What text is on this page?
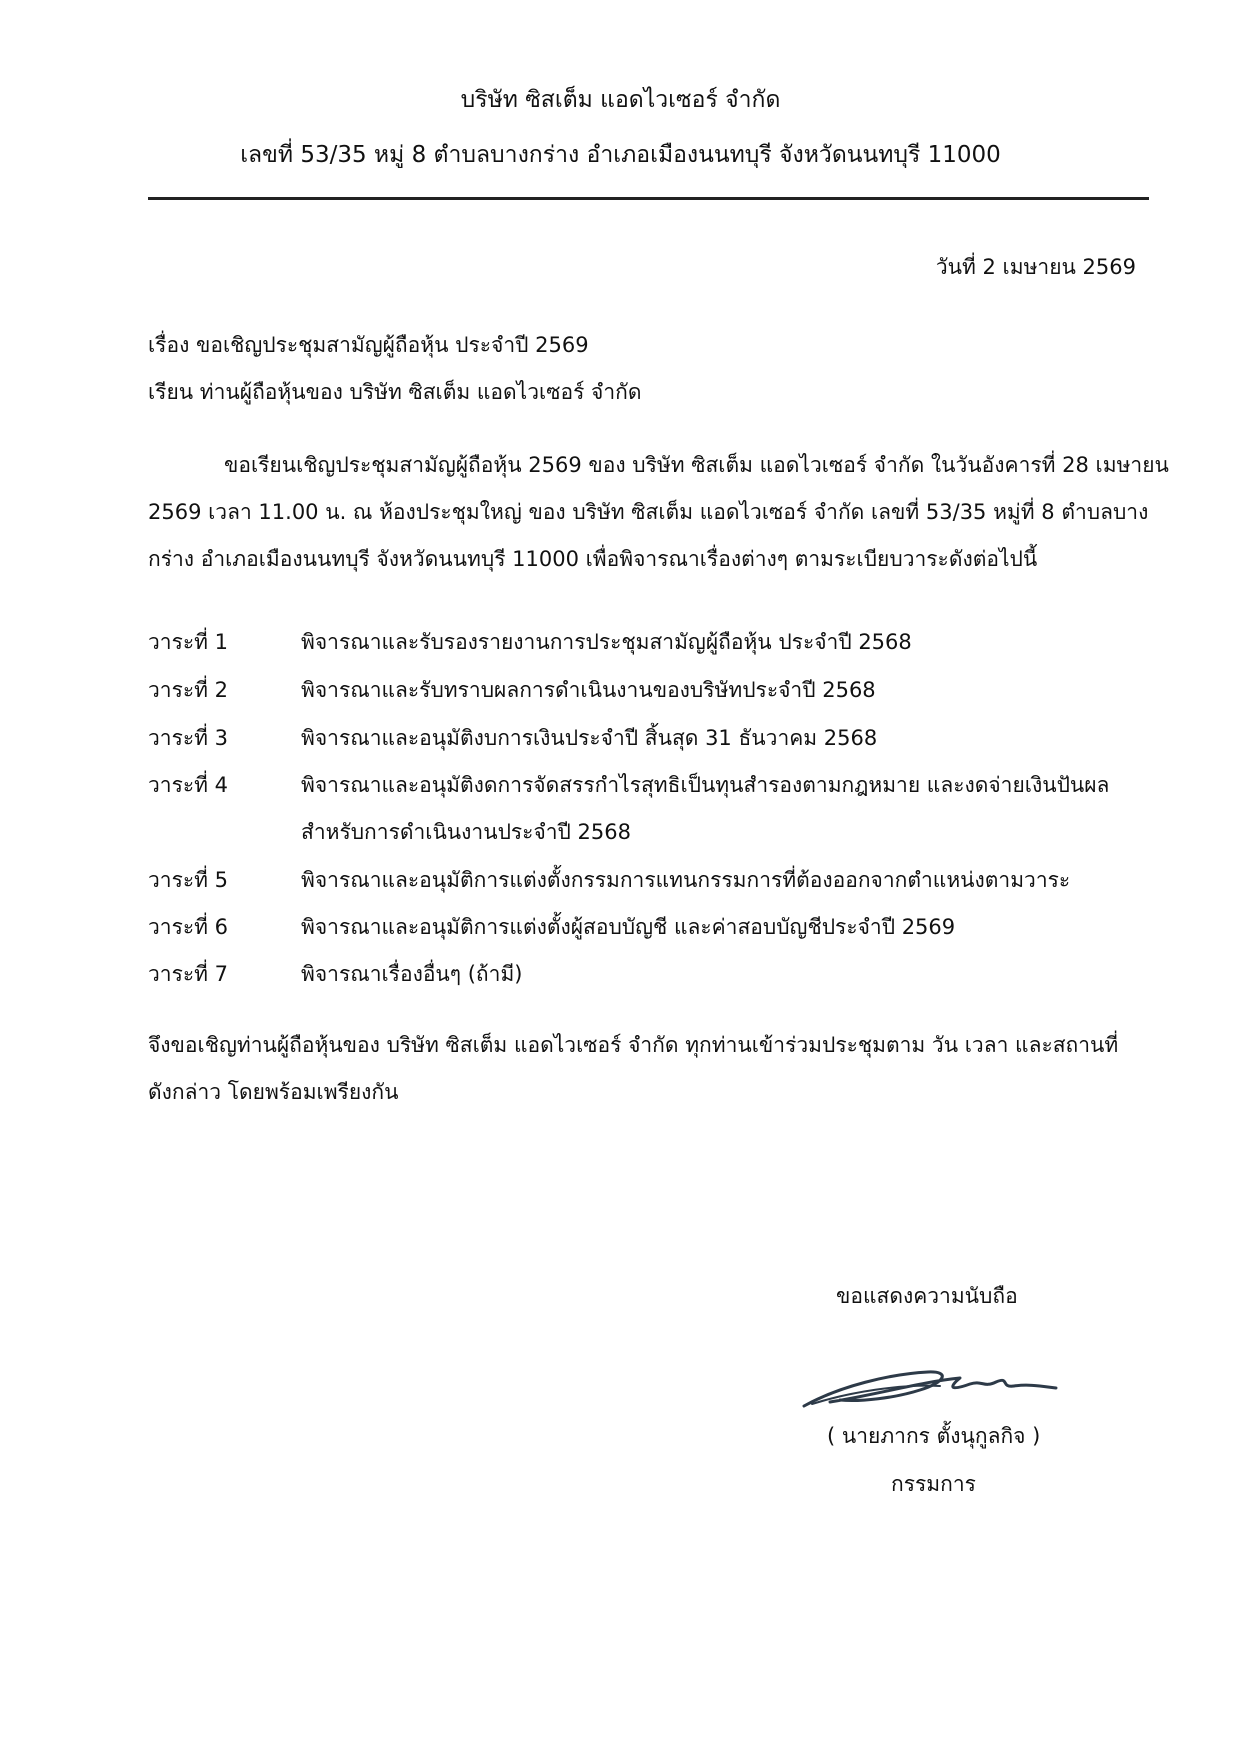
บริษัท ซิสเต็ม แอดไวเซอร์ จำกัด
เลขที่ 53/35 หมู่ 8 ตำบลบางกร่าง อำเภอเมืองนนทบุรี จังหวัดนนทบุรี 11000
วันที่ 2 เมษายน 2569
เรื่อง ขอเชิญประชุมสามัญผู้ถือหุ้น ประจำปี 2569
เรียน ท่านผู้ถือหุ้นของ บริษัท ซิสเต็ม แอดไวเซอร์ จำกัด
ขอเรียนเชิญประชุมสามัญผู้ถือหุ้น 2569 ของ บริษัท ซิสเต็ม แอดไวเซอร์ จำกัด ในวันอังคารที่ 28 เมษายน
2569 เวลา 11.00 น. ณ ห้องประชุมใหญ่ ของ บริษัท ซิสเต็ม แอดไวเซอร์ จำกัด เลขที่ 53/35 หมู่ที่ 8 ตำบลบาง
กร่าง อำเภอเมืองนนทบุรี จังหวัดนนทบุรี 11000 เพื่อพิจารณาเรื่องต่างๆ ตามระเบียบวาระดังต่อไปนี้
วาระที่ 1	พิจารณาและรับรองรายงานการประชุมสามัญผู้ถือหุ้น ประจำปี 2568
วาระที่ 2	พิจารณาและรับทราบผลการดำเนินงานของบริษัทประจำปี 2568
วาระที่ 3	พิจารณาและอนุมัติงบการเงินประจำปี สิ้นสุด 31 ธันวาคม 2568
วาระที่ 4	พิจารณาและอนุมัติงดการจัดสรรกำไรสุทธิเป็นทุนสำรองตามกฎหมาย และงดจ่ายเงินปันผล
สำหรับการดำเนินงานประจำปี 2568
วาระที่ 5	พิจารณาและอนุมัติการแต่งตั้งกรรมการแทนกรรมการที่ต้องออกจากตำแหน่งตามวาระ
วาระที่ 6	พิจารณาและอนุมัติการแต่งตั้งผู้สอบบัญชี และค่าสอบบัญชีประจำปี 2569
วาระที่ 7	พิจารณาเรื่องอื่นๆ (ถ้ามี)
จึงขอเชิญท่านผู้ถือหุ้นของ บริษัท ซิสเต็ม แอดไวเซอร์ จำกัด ทุกท่านเข้าร่วมประชุมตาม วัน เวลา และสถานที่
ดังกล่าว โดยพร้อมเพรียงกัน
ขอแสดงความนับถือ
( นายภากร ตั้งนุกูลกิจ )
กรรมการ
